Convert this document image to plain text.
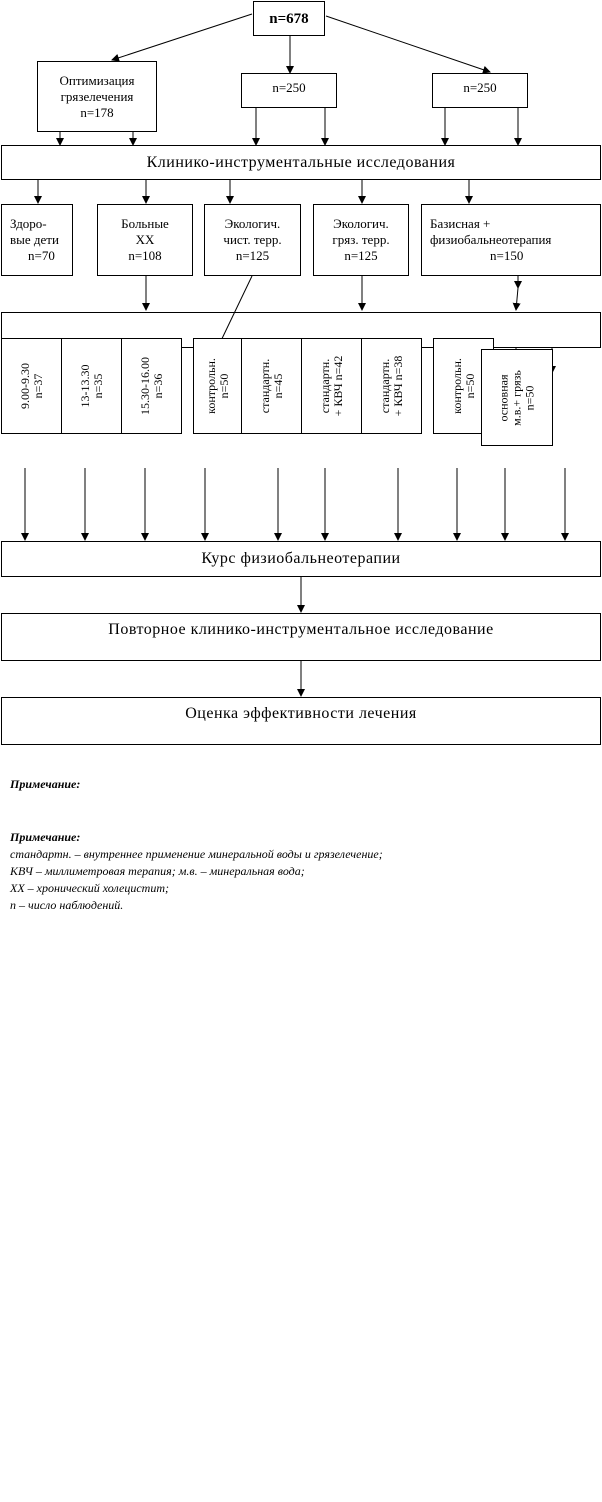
n=678
Оптимизация грязелечения
n=178
n=250	n=250
Клинико-инструментальные исследования
Здоро-
вые дети
n=70
Больные
ХХ
n=108
Экологич.
чист. терр.
n=125
Экологич.
гряз. терр.
n=125
Базисная +
физиобальнеотерапия
n=150
9.00-9.30 n=37	13-13.30 n=35	15.30-16.00 n=36	контрольн. n=50 стандартн. n=45	стандартн. + КВЧ n=42	стандартн. + КВЧ n=38	контрольн. n=50 основная м.в.+ грязь n=50
Курс физиобальнеотерапии
Повторное клинико-инструментальное исследование
Оценка эффективности лечения
Примечание:
Примечание:
стандартн. – внутреннее применение минеральной воды и грязелечение;
КВЧ – миллиметровая терапия; м.в. – минеральная вода;
ХХ – хронический холецистит;
n – число наблюдений.
